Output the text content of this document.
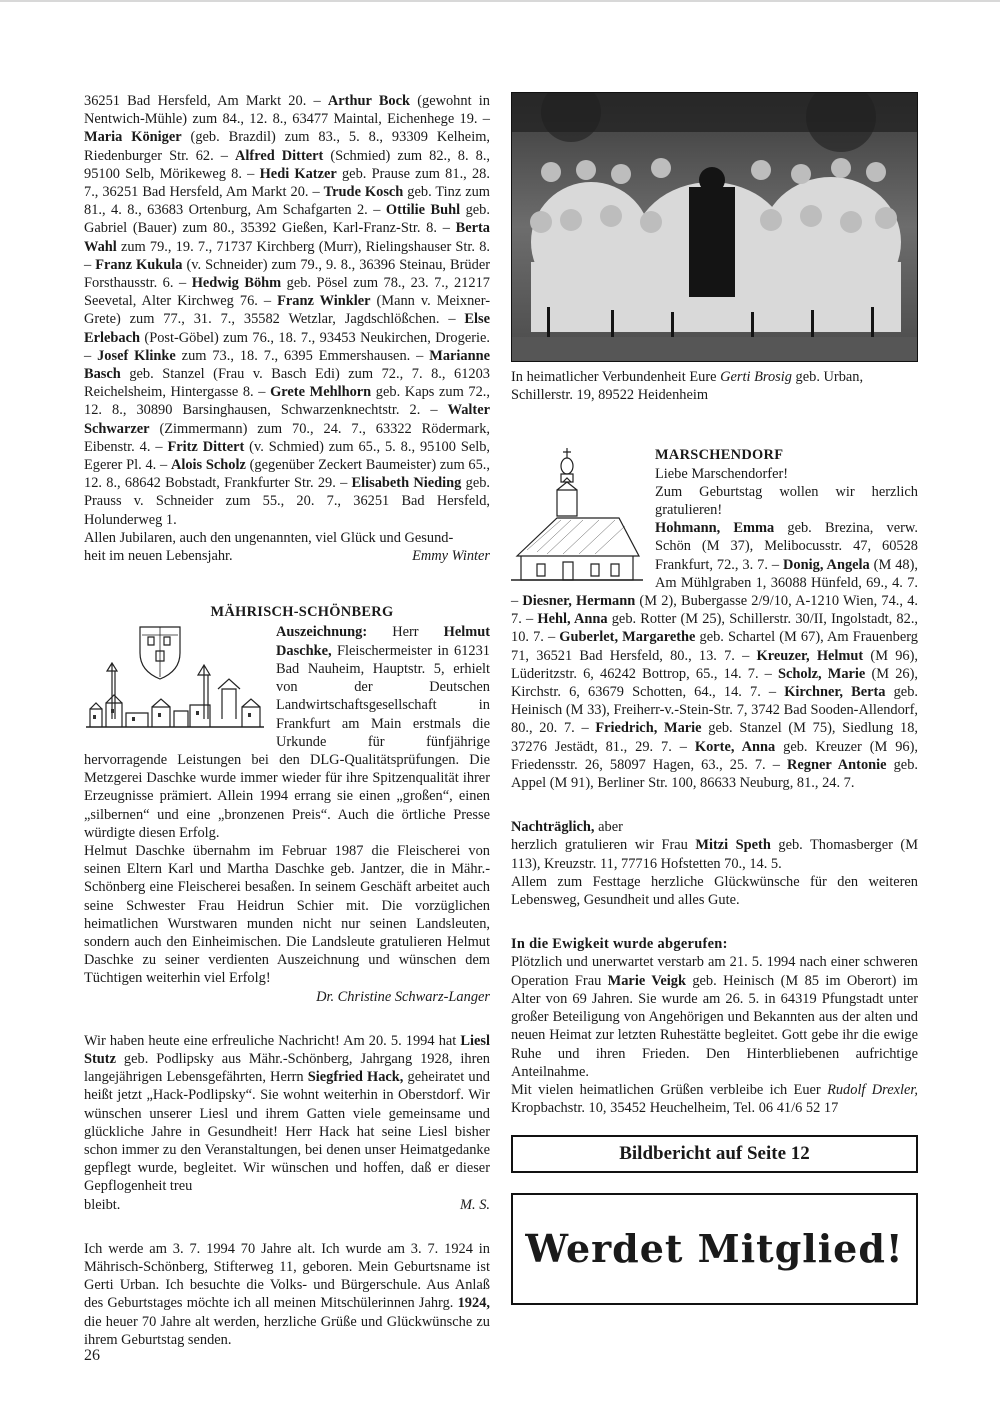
36251 Bad Hersfeld, Am Markt 20. – Arthur Bock (gewohnt in Nentwich-Mühle) zum 84., 12. 8., 63477 Maintal, Eichenhege 19. – Maria Königer (geb. Brazdil) zum 83., 5. 8., 93309 Kelheim, Riedenburger Str. 62. – Alfred Dittert (Schmied) zum 82., 8. 8., 95100 Selb, Mörikeweg 8. – Hedi Katzer geb. Prause zum 81., 28. 7., 36251 Bad Hersfeld, Am Markt 20. – Trude Kosch geb. Tinz zum 81., 4. 8., 63683 Ortenburg, Am Schafgarten 2. – Ottilie Buhl geb. Gabriel (Bauer) zum 80., 35392 Gießen, Karl-Franz-Str. 8. – Berta Wahl zum 79., 19. 7., 71737 Kirchberg (Murr), Rielingshauser Str. 8. – Franz Kukula (v. Schneider) zum 79., 9. 8., 36396 Steinau, Brüder Forsthausstr. 6. – Hedwig Böhm geb. Pösel zum 78., 23. 7., 21217 Seevetal, Alter Kirchweg 76. – Franz Winkler (Mann v. Meixner-Grete) zum 77., 31. 7., 35582 Wetzlar, Jagdschlößchen. – Else Erlebach (Post-Göbel) zum 76., 18. 7., 93453 Neukirchen, Drogerie. – Josef Klinke zum 73., 18. 7., 6395 Emmershausen. – Marianne Basch geb. Stanzel (Frau v. Basch Edi) zum 72., 7. 8., 61203 Reichelsheim, Hintergasse 8. – Grete Mehlhorn geb. Kaps zum 72., 12. 8., 30890 Barsinghausen, Schwarzenknechtstr. 2. – Walter Schwarzer (Zimmermann) zum 70., 24. 7., 63322 Rödermark, Eibenstr. 4. – Fritz Dittert (v. Schmied) zum 65., 5. 8., 95100 Selb, Egerer Pl. 4. – Alois Scholz (gegenüber Zeckert Baumeister) zum 65., 12. 8., 68642 Bobstadt, Frankfurter Str. 29. – Elisabeth Nieding geb. Prauss v. Schneider zum 55., 20. 7., 36251 Bad Hersfeld, Holunderweg 1.

Allen Jubilaren, auch den ungenannten, viel Glück und Gesund-

heit im neuen Lebensjahr.	Emmy Winter

MÄHRISCH-SCHÖNBERG

Auszeichnung: Herr Helmut Daschke, Fleischermeister in 61231 Bad Nauheim, Hauptstr. 5, erhielt von der Deutschen Landwirtschaftsgesellschaft in Frankfurt am Main erstmals die Urkunde für fünfjährige hervorragende Leistungen bei den DLG-Qualitätsprüfungen. Die Metzgerei Daschke wurde immer wieder für ihre Spitzenqualität ihrer Erzeugnisse prämiert. Allein 1994 errang sie einen „großen“, einen „silbernen“ und eine „bronzenen Preis“. Auch die örtliche Presse würdigte diesen Erfolg.

Helmut Daschke übernahm im Februar 1987 die Fleischerei von seinen Eltern Karl und Martha Daschke geb. Jantzer, die in Mähr.-Schönberg eine Fleischerei besaßen. In seinem Geschäft arbeitet auch seine Schwester Frau Heidrun Schier mit. Die vorzüglichen heimatlichen Wurstwaren munden nicht nur seinen Landsleuten, sondern auch den Einheimischen. Die Landsleute gratulieren Helmut Daschke zu seiner verdienten Auszeichnung und wünschen dem Tüchtigen weiterhin viel Erfolg!

Dr. Christine Schwarz-Langer

Wir haben heute eine erfreuliche Nachricht! Am 20. 5. 1994 hat Liesl Stutz geb. Podlipsky aus Mähr.-Schönberg, Jahrgang 1928, ihren langejährigen Lebensgefährten, Herrn Siegfried Hack, geheiratet und heißt jetzt „Hack-Podlipsky“. Sie wohnt weiterhin in Oberstdorf. Wir wünschen unserer Liesl und ihrem Gatten viele gemeinsame und glückliche Jahre in Gesundheit! Herr Hack hat seine Liesl bisher schon immer zu den Veranstaltungen, bei denen unser Heimatgedanke gepflegt wurde, begleitet. Wir wünschen und hoffen, daß er dieser Gepflogenheit treu

bleibt.	M. S.

Ich werde am 3. 7. 1994 70 Jahre alt. Ich wurde am 3. 7. 1924 in Mährisch-Schönberg, Stifterweg 11, geboren. Mein Geburtsname ist Gerti Urban. Ich besuchte die Volks- und Bürgerschule. Aus Anlaß des Geburtstages möchte ich all meinen Mitschülerinnen Jahrg. 1924, die heuer 70 Jahre alt werden, herzliche Grüße und Glückwünsche zu ihrem Geburtstag senden.

In heimatlicher Verbundenheit Eure Gerti Brosig geb. Urban, Schillerstr. 19, 89522 Heidenheim

MARSCHENDORF

Liebe Marschendorfer!

Zum Geburtstag wollen wir herzlich gratulieren!

Hohmann, Emma geb. Brezina, verw. Schön (M 37), Melibocusstr. 47, 60528 Frankfurt, 72., 3. 7. – Donig, Angela (M 48), Am Mühlgraben 1, 36088 Hünfeld, 69., 4. 7. – Diesner, Hermann (M 2), Bubergasse 2/9/10, A-1210 Wien, 74., 4. 7. – Hehl, Anna geb. Rotter (M 25), Schillerstr. 30/II, Ingolstadt, 82., 10. 7. – Guberlet, Margarethe geb. Schartel (M 67), Am Frauenberg 71, 36521 Bad Hersfeld, 80., 13. 7. – Kreuzer, Helmut (M 96), Lüderitzstr. 6, 46242 Bottrop, 65., 14. 7. – Scholz, Marie (M 26), Kirchstr. 6, 63679 Schotten, 64., 14. 7. – Kirchner, Berta geb. Heinisch (M 33), Freiherr-v.-Stein-Str. 7, 3742 Bad Sooden-Allendorf, 80., 20. 7. – Friedrich, Marie geb. Stanzel (M 75), Siedlung 18, 37276 Jestädt, 81., 29. 7. – Korte, Anna geb. Kreuzer (M 96), Friedensstr. 26, 58097 Hagen, 63., 25. 7. – Regner Antonie geb. Appel (M 91), Berliner Str. 100, 86633 Neuburg, 81., 24. 7.

Nachträglich, aber

herzlich gratulieren wir Frau Mitzi Speth geb. Thomasberger (M 113), Kreuzstr. 11, 77716 Hofstetten 70., 14. 5.

Allem zum Festtage herzliche Glückwünsche für den weiteren Lebensweg, Gesundheit und alles Gute.

In die Ewigkeit wurde abgerufen:

Plötzlich und unerwartet verstarb am 21. 5. 1994 nach einer schweren Operation Frau Marie Veigk geb. Heinisch (M 85 im Oberort) im Alter von 69 Jahren. Sie wurde am 26. 5. in 64319 Pfungstadt unter großer Beteiligung von Angehörigen und Bekannten aus der alten und neuen Heimat zur letzten Ruhestätte begleitet. Gott gebe ihr die ewige Ruhe und ihren Frieden. Den Hinterbliebenen aufrichtige Anteilnahme.

Mit vielen heimatlichen Grüßen verbleibe ich Euer Rudolf Drexler, Kropbachstr. 10, 35452 Heuchelheim, Tel. 06 41/6 52 17

Bildbericht auf Seite 12
Werdet Mitglied!
26
